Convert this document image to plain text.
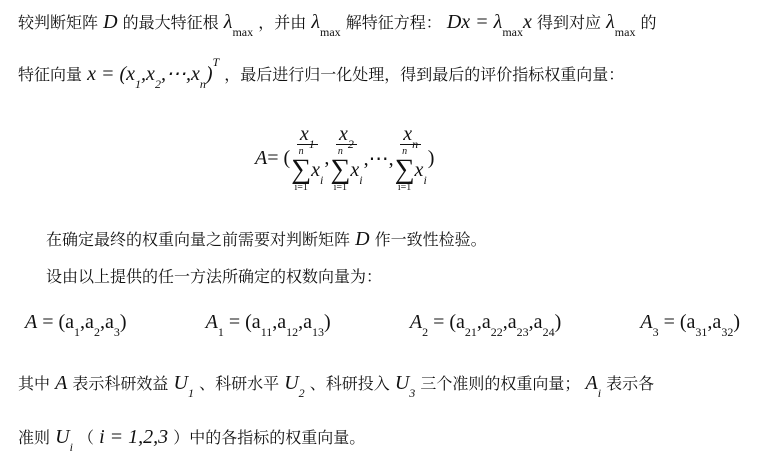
较判断矩阵 D 的最大特征根 $\lambda_{max}$ ，并由 $\lambda_{max}$ 解特征方程： $Dx = \lambda_{max}x$ 得到对应 $\lambda_{max}$ 的
特征向量 $x = (x_1,x_2,\cdots,x_n)^T$ ，最后进行归一化处理，得到最后的评价指标权重向量：
A = ( $x_1$
n
∑
i=1
$x_i$ , $x_2$
n
∑
i=1
$x_i$ ,⋯, $x_n$
n
∑
i=1
$x_i$ )
在确定最终的权重向量之前需要对判断矩阵 D 作一致性检验。
设由以上提供的任一方法所确定的权数向量为：
$A = (a_1,a_2,a_3)$	$A_1 = (a_{11},a_{12},a_{13})$	$A_2 = (a_{21},a_{22},a_{23},a_{24})$	$A_3 = (a_{31},a_{32})$
其中 A 表示科研效益 $U_1$ 、科研水平 $U_2$ 、科研投入 $U_3$ 三个准则的权重向量； $A_i$ 表示各
准则 $U_i$ （ i = 1,2,3 ）中的各指标的权重向量。
